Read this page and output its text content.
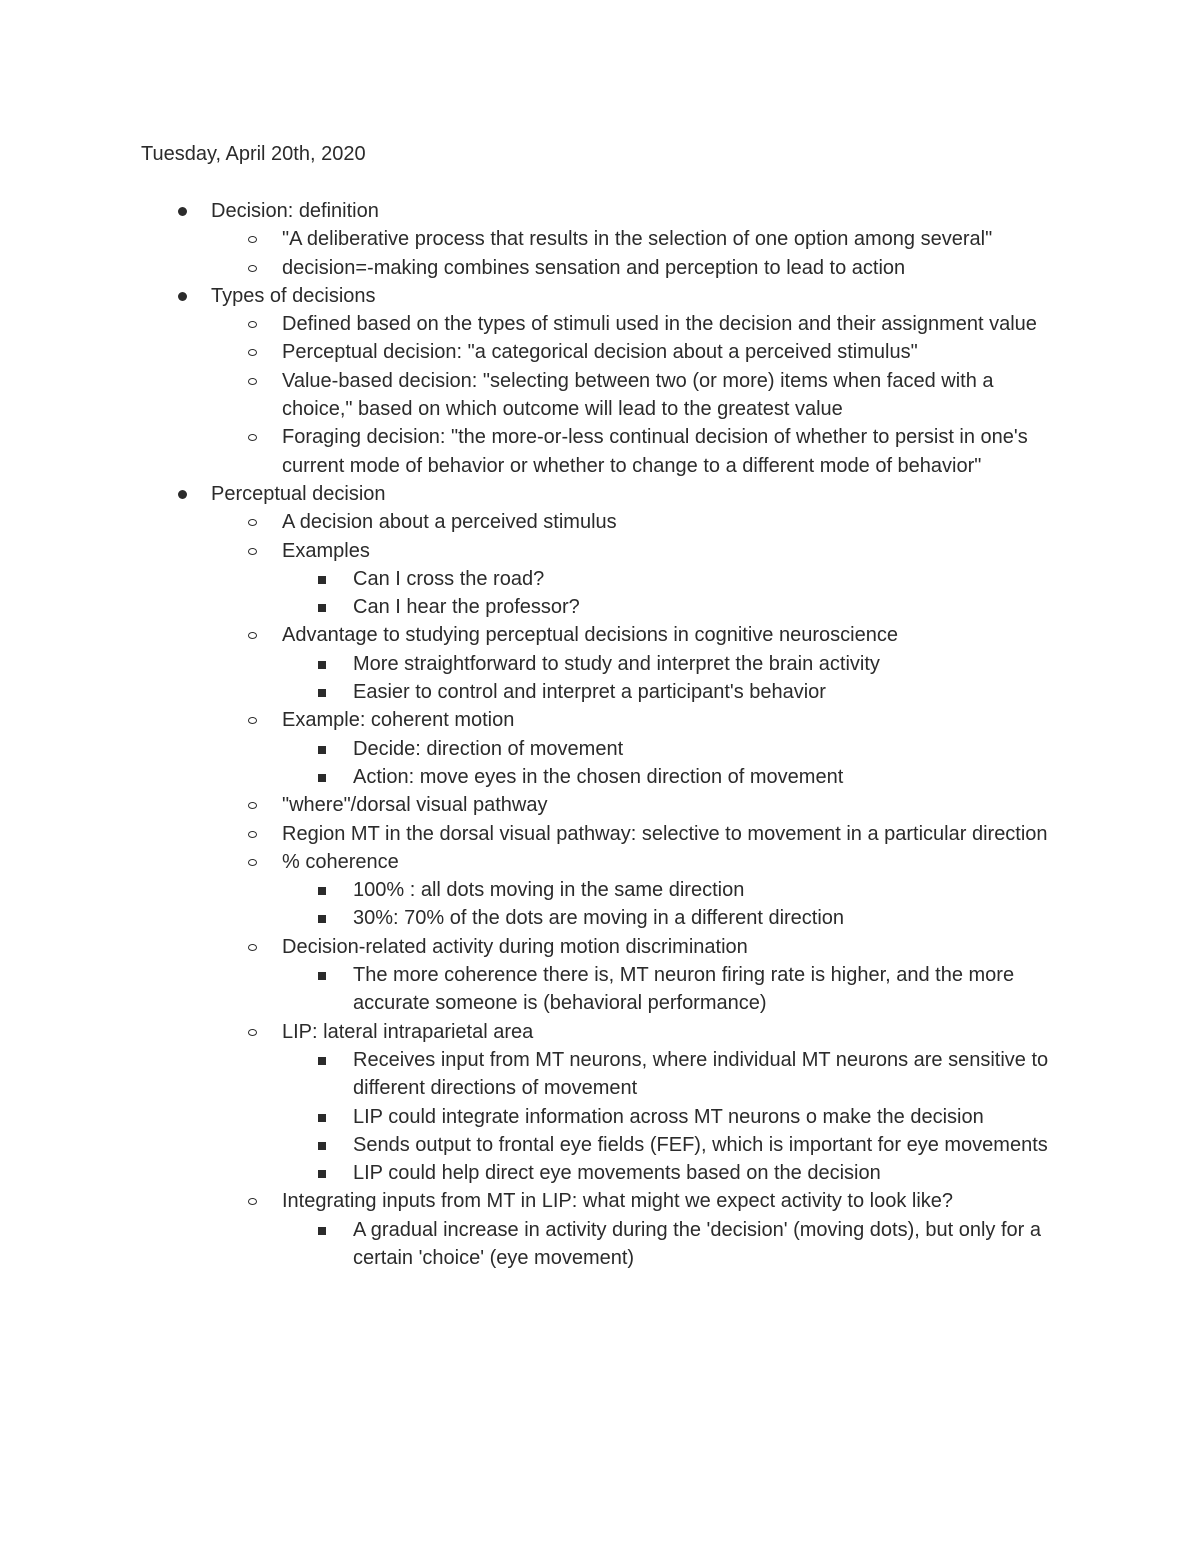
Tuesday, April 20th, 2020
Decision: definition
"A deliberative process that results in the selection of one option among several"
decision=-making combines sensation and perception to lead to action
Types of decisions
Defined based on the types of stimuli used in the decision and their assignment value
Perceptual decision: "a categorical decision about a perceived stimulus"
Value-based decision: "selecting between two (or more) items when faced with a choice," based on which outcome will lead to the greatest value
Foraging decision: "the more-or-less continual decision of whether to persist in one's current mode of behavior or whether to change to a different mode of behavior"
Perceptual decision
A decision about a perceived stimulus
Examples
Can I cross the road?
Can I hear the professor?
Advantage to studying perceptual decisions in cognitive neuroscience
More straightforward to study and interpret the brain activity
Easier to control and interpret a participant's behavior
Example: coherent motion
Decide: direction of movement
Action: move eyes in the chosen direction of movement
"where"/dorsal visual pathway
Region MT in the dorsal visual pathway: selective to movement in a particular direction
% coherence
100% : all dots moving in the same direction
30%: 70% of the dots are moving in a different direction
Decision-related activity during motion discrimination
The more coherence there is, MT neuron firing rate is higher, and the more accurate someone is (behavioral performance)
LIP: lateral intraparietal area
Receives input from MT neurons, where individual MT neurons are sensitive to different directions of movement
LIP could integrate information across MT neurons o make the decision
Sends output to frontal eye fields (FEF), which is important for eye movements
LIP could help direct eye movements based on the decision
Integrating inputs from MT in LIP: what might we expect activity to look like?
A gradual increase in activity during the 'decision' (moving dots), but only for a certain 'choice' (eye movement)
